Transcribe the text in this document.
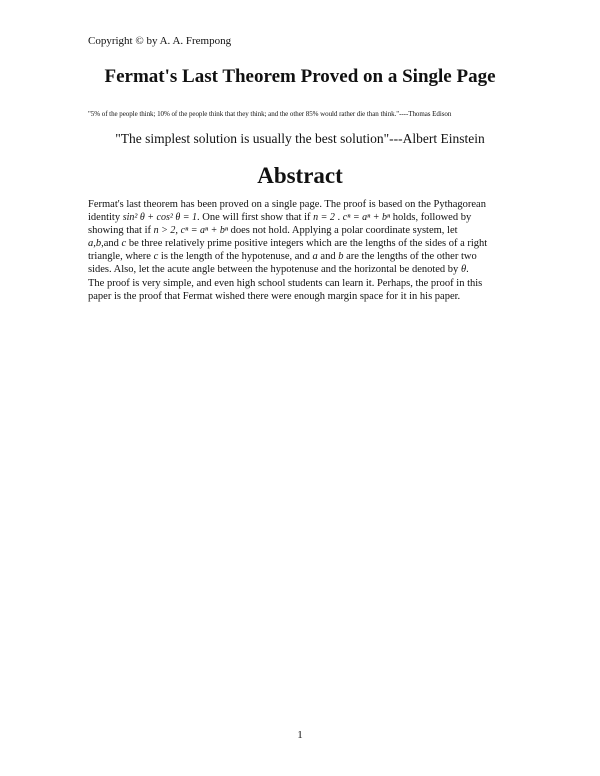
Copyright © by A. A. Frempong
Fermat's Last Theorem Proved on a Single Page
"5% of the people think; 10% of the people think that they think; and the other 85% would rather die than think."----Thomas Edison
"The simplest solution is usually the best solution"---Albert Einstein
Abstract
Fermat's last theorem has been proved on a single page. The proof is based on the Pythagorean
identity sin² θ + cos² θ = 1. One will first show that if n = 2 . cⁿ = aⁿ + bⁿ holds, followed by
showing that if n > 2, cⁿ = aⁿ + bⁿ does not hold. Applying a polar coordinate system, let
a,b,and c be three relatively prime positive integers which are the lengths of the sides of a right
triangle, where c is the length of the hypotenuse, and a and b are the lengths of the other two
sides. Also, let the acute angle between the hypotenuse and the horizontal be denoted by θ.
The proof is very simple, and even high school students can learn it. Perhaps, the proof in this
paper is the proof that Fermat wished there were enough margin space for it in his paper.
1
